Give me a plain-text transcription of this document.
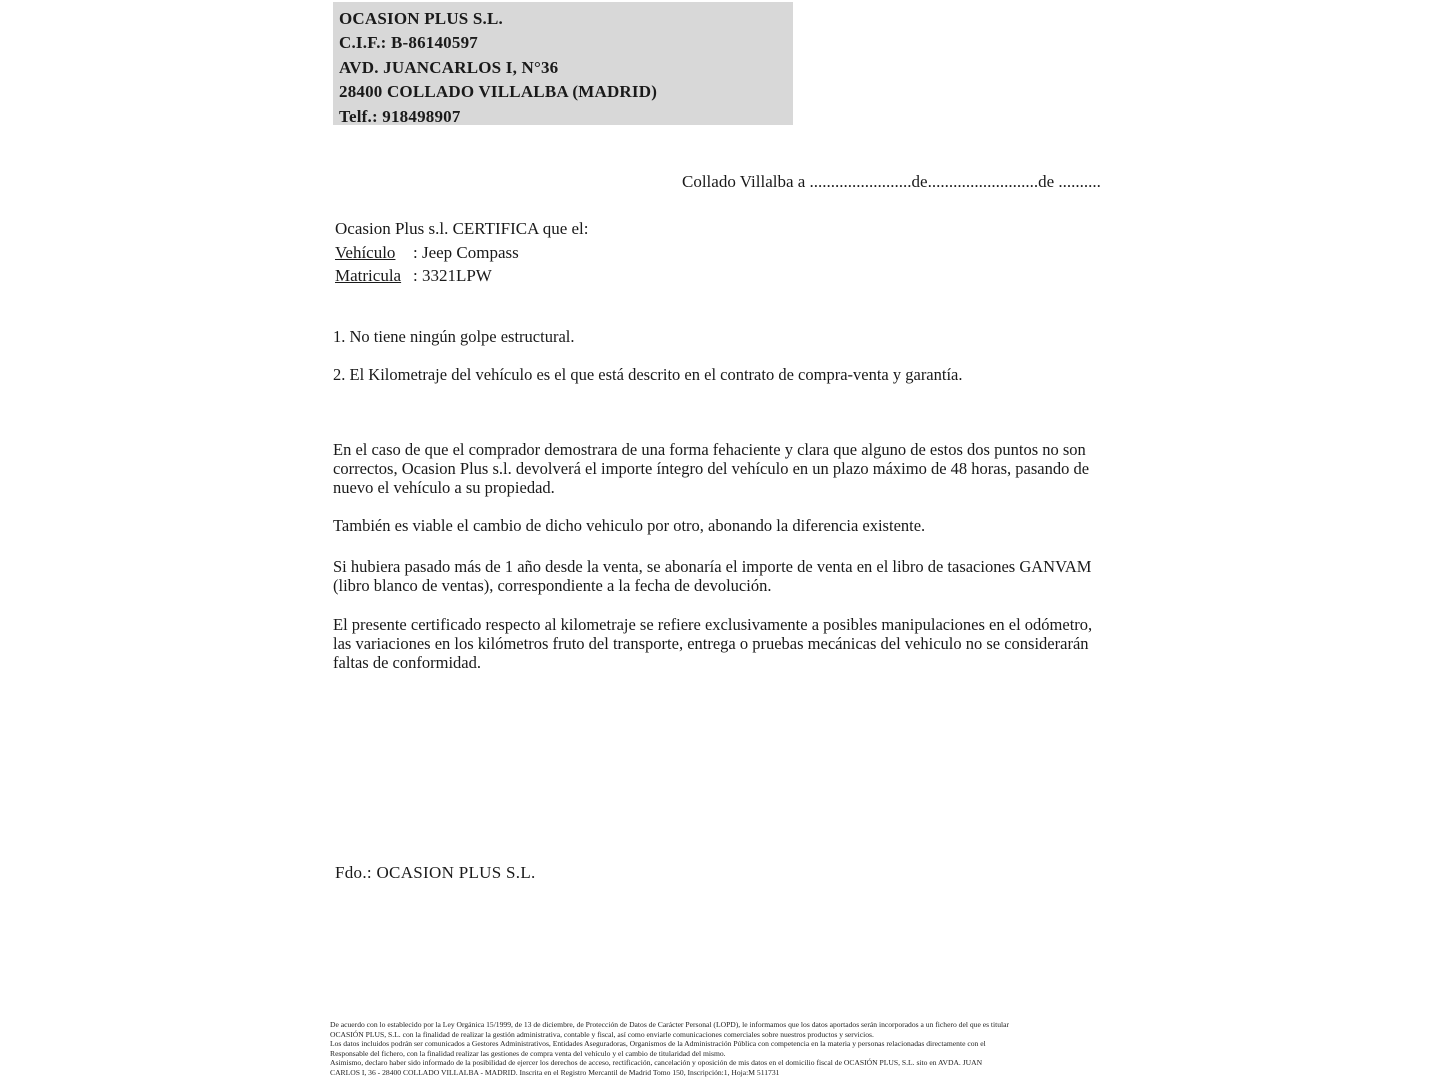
OCASION PLUS S.L.
C.I.F.: B-86140597
AVD. JUANCARLOS I, N°36
28400 COLLADO VILLALBA (MADRID)
Telf.: 918498907
Collado Villalba a ........................de..........................de ..........
Ocasion Plus s.l. CERTIFICA que el:
Vehículo : Jeep Compass
Matricula : 3321LPW
1. No tiene ningún golpe estructural.
2. El Kilometraje del vehículo es el que está descrito en el contrato de compra-venta y garantía.
En el caso de que el comprador demostrara de una forma fehaciente y clara que alguno de estos dos puntos no son correctos, Ocasion Plus s.l. devolverá el importe íntegro del vehículo en un plazo máximo de 48 horas, pasando de nuevo el vehículo a su propiedad.
También es viable el cambio de dicho vehiculo por otro, abonando la diferencia existente.
Si hubiera pasado más de 1 año desde la venta, se abonaría el importe de venta en el libro de tasaciones GANVAM (libro blanco de ventas), correspondiente a la fecha de devolución.
El presente certificado respecto al kilometraje se refiere exclusivamente a posibles manipulaciones en el odómetro, las variaciones en los kilómetros fruto del transporte, entrega o pruebas mecánicas del vehiculo no se considerarán faltas de conformidad.
Fdo.: OCASION PLUS S.L.
De acuerdo con lo establecido por la Ley Orgánica 15/1999, de 13 de diciembre, de Protección de Datos de Carácter Personal (LOPD), le informamos que los datos aportados serán incorporados a un fichero del que es titular
OCASIÓN PLUS, S.L. con la finalidad de realizar la gestión administrativa, contable y fiscal, así como enviarle comunicaciones comerciales sobre nuestros productos y servicios.
Los datos incluidos podrán ser comunicados a Gestores Administrativos, Entidades Aseguradoras, Organismos de la Administración Pública con competencia en la materia y personas relacionadas directamente con el
Responsable del fichero, con la finalidad realizar las gestiones de compra venta del vehículo y el cambio de titularidad del mismo.
Asimismo, declaro haber sido informado de la posibilidad de ejercer los derechos de acceso, rectificación, cancelación y oposición de mis datos en el domicilio fiscal de OCASIÓN PLUS, S.L. sito en AVDA. JUAN
CARLOS I, 36 - 28400 COLLADO VILLALBA - MADRID. Inscrita en el Registro Mercantil de Madrid Tomo 150, Inscripción:1, Hoja:M 511731
